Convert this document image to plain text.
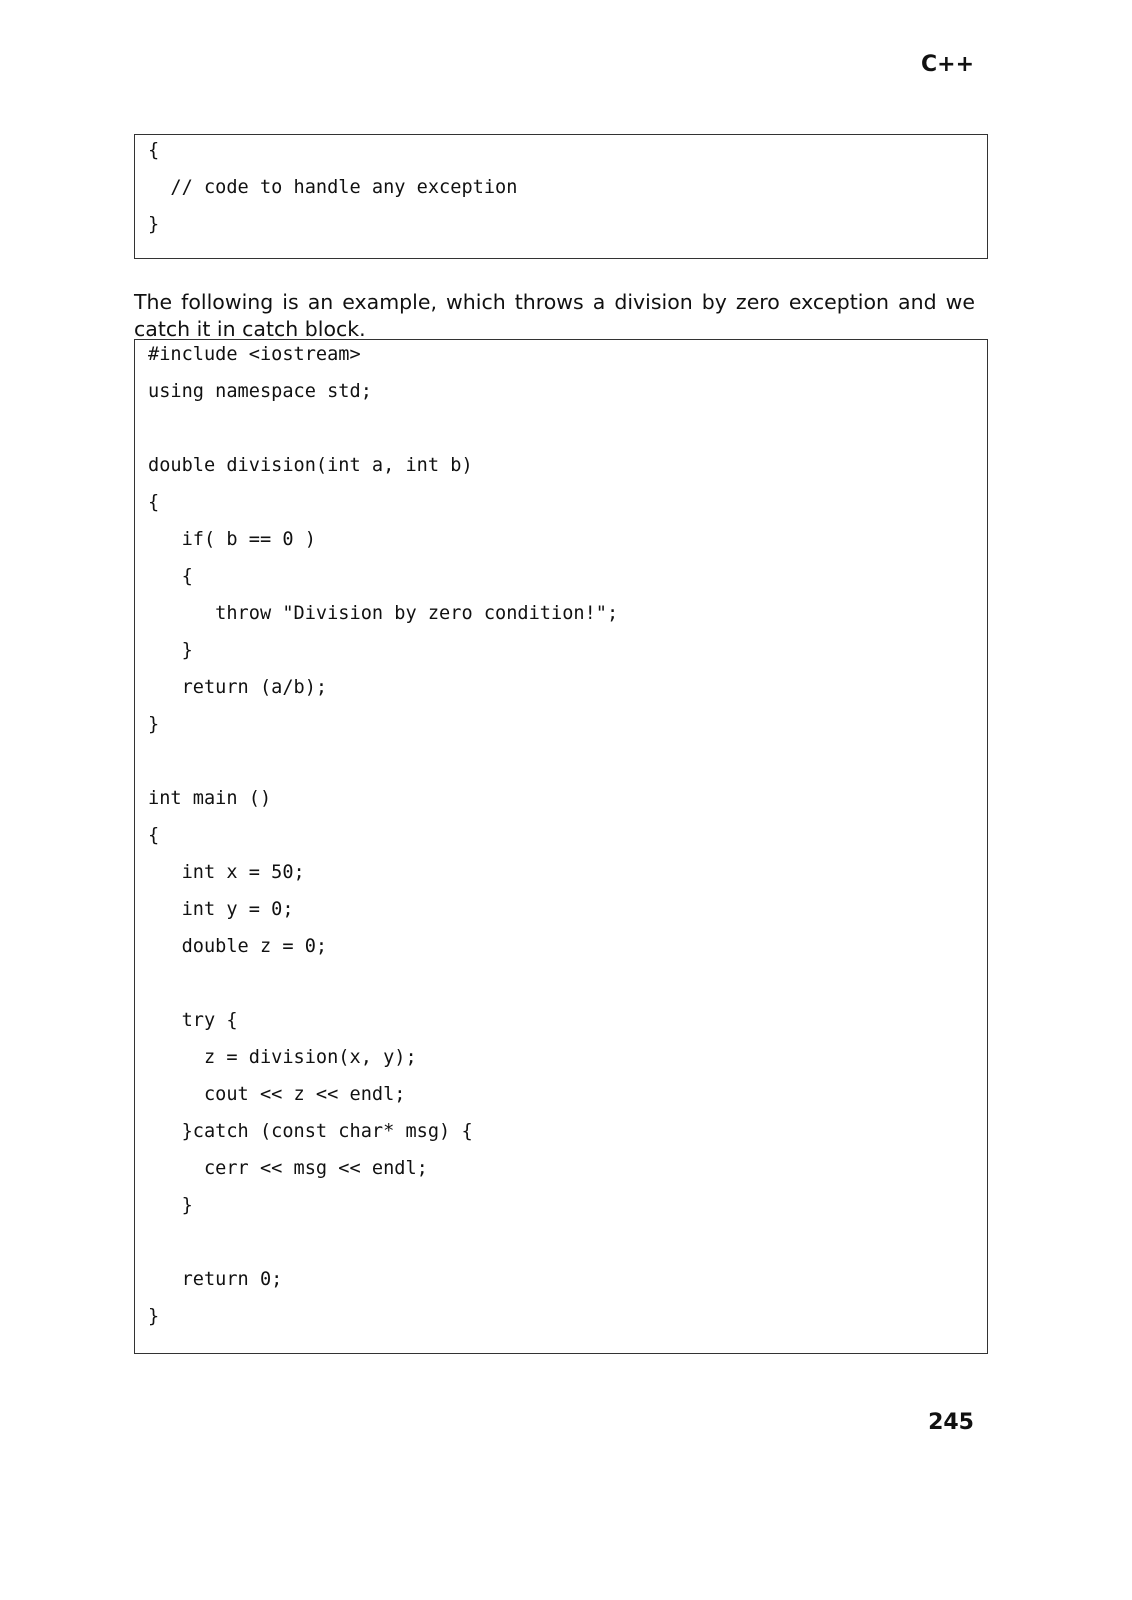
C++
{
// code to handle any exception
}

The following is an example, which throws a division by zero exception and we catch it in catch block.

#include <iostream>
using namespace std;
double division(int a, int b)
{
if( b == 0 )
{
throw "Division by zero condition!";
}
return (a/b);
}
int main ()
{
int x = 50;
int y = 0;
double z = 0;
try {
z = division(x, y);
cout << z << endl;
}catch (const char* msg) {
cerr << msg << endl;
}
return 0;
}
245
